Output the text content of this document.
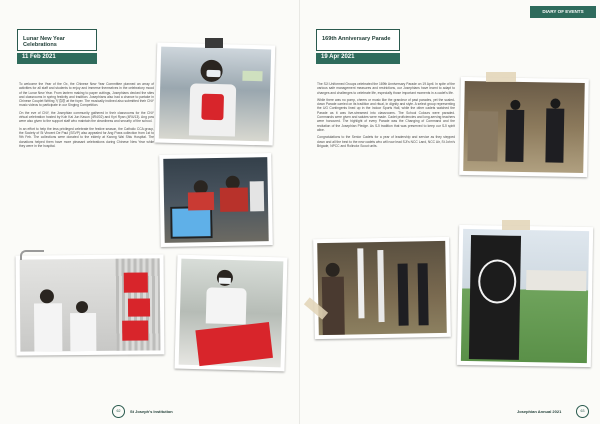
Lunar New Year Celebrations
11 Feb 2021

To welcome the Year of the Ox, the Chinese New Year Committee planned an array of activities for all staff and students to enjoy and immerse themselves in the celebratory mood of the Lunar New Year. From lantern making to paper cuttings, Josephians decked the sites and classrooms in spring festivity and tradition. Josephians also had a chance to partake in Chinese Couplet Writing 写春联 at the foyer. The musically inclined also submitted their CNY music videos to participate in our Singing Competition.

On the eve of CNY, the Josephian community gathered in their classrooms for the CNY virtual celebration hosted by Koh Kai Jun Kasun (4R4/02) and Kyri Ryan (4R4/13). Ang pow were also given to the support staff who maintain the cleanliness and security of the school.

In an effort to help the less privileged celebrate the festive season, the Catholic CCA group, the Society of St Vincent De Paul (SSVP) also appealed for Ang Pows collection from 1st to 9th Feb. The collections were donated to the elderly at Kwong Wai Shiu Hospital. The donations helped them have more pleasant celebrations during Chinese New Year while they were in the hospital.

62	St Joseph's Institution
169th Anniversary Parade
19 Apr 2021

The SJI Uniformed Groups celebrated the 169th Anniversary Parade on 19 April. In spite of the various safe management measures and restrictions, our Josephians have learnt to adapt to changes and challenges to celebrate life, especially those important moments in a cadet's life.

While there was no pomp, cheers or music like the grandeur of past parades, yet the scaled-down Parade carried on its tradition and ritual, in dignity and style. A select group representing the UG Contingents lined up in the Indoor Sports Hall, while the other cadets watched the Parade as it was live-streamed into classrooms. The School Colours were paraded. Commands were given and salutes were made. Cadet proficiencies and long-serving teachers were honoured. The highlight of every Parade was the Changing of Command and the recitation of the Josephian Pledge. As SJI tradition that was preserved to keep our SJI spirit alive.

Congratulations to the Senior Cadets for a year of leadership and service as they stepped down and all the best to the new cadets who will now lead SJI's NCC Land, NCC Air, St John's Brigade, NPCC and Rolinckx Scout units.

Josephian Annual 2021	63
DIARY OF EVENTS
